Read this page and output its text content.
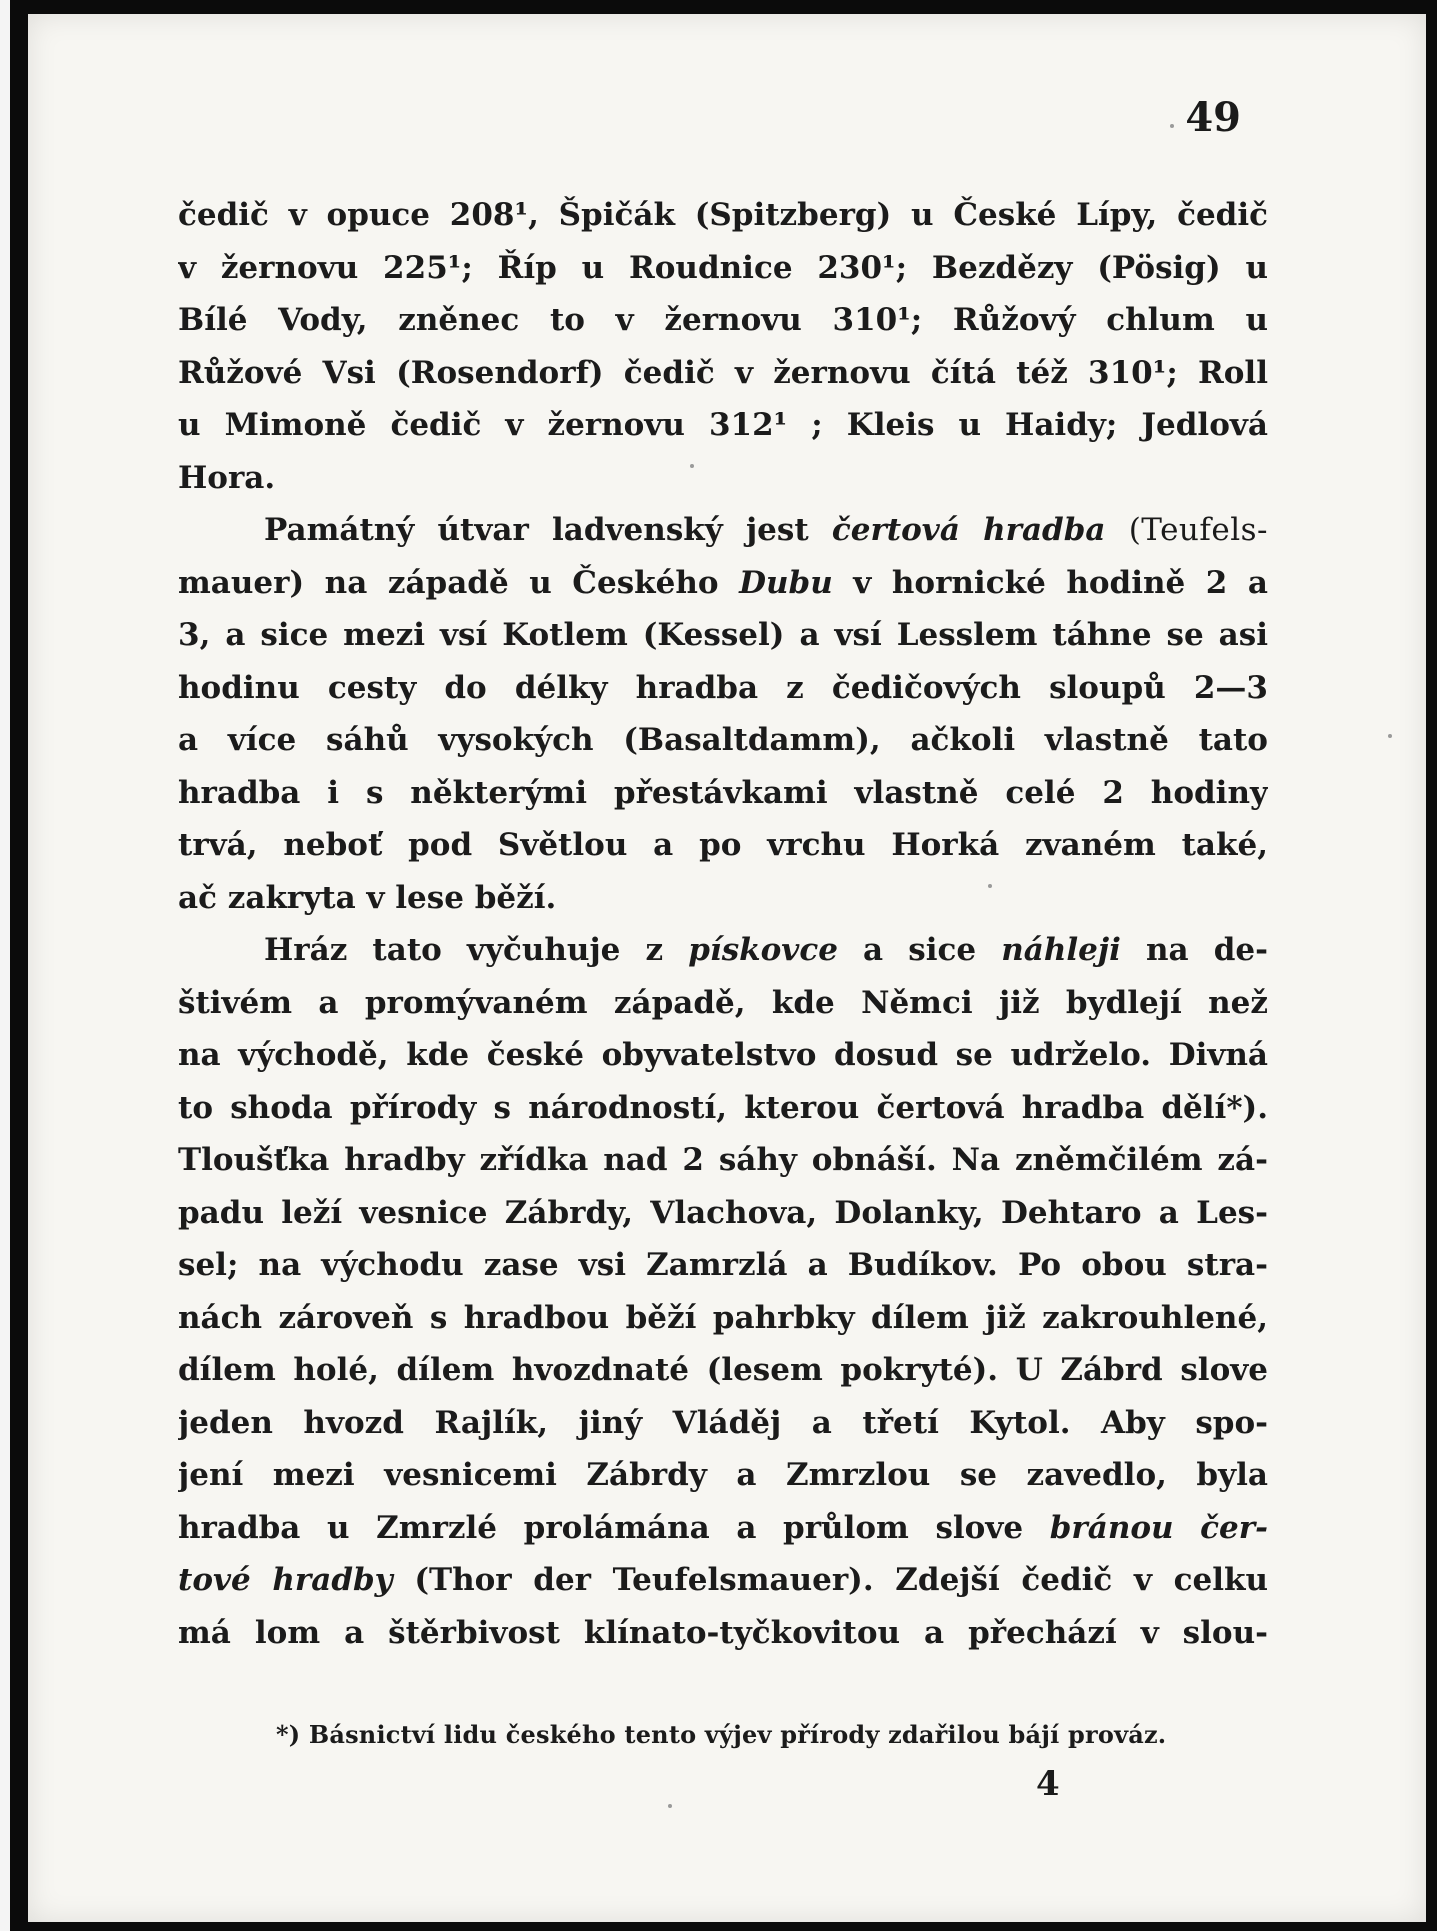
49
čedič v opuce 208¹, Špičák (Spitzberg) u České Lípy, čedič
v žernovu 225¹; Říp u Roudnice 230¹; Bezdězy (Pösig) u
Bílé Vody, zněnec to v žernovu 310¹; Růžový chlum u
Růžové Vsi (Rosendorf) čedič v žernovu čítá též 310¹; Roll
u Mimoně čedič v žernovu 312¹ ; Kleis u Haidy; Jedlová
Hora.
Památný útvar ladvenský jest čertová hradba (Teufels-
mauer) na západě u Českého Dubu v hornické hodině 2 a
3, a sice mezi vsí Kotlem (Kessel) a vsí Lesslem táhne se asi
hodinu cesty do délky hradba z čedičových sloupů 2—3
a více sáhů vysokých (Basaltdamm), ačkoli vlastně tato
hradba i s některými přestávkami vlastně celé 2 hodiny
trvá, neboť pod Světlou a po vrchu Horká zvaném také,
ač zakryta v lese běží.
Hráz tato vyčuhuje z pískovce a sice náhleji na de-
štivém a promývaném západě, kde Němci již bydlejí než
na východě, kde české obyvatelstvo dosud se udrželo. Divná
to shoda přírody s národností, kterou čertová hradba dělí*).
Tloušťka hradby zřídka nad 2 sáhy obnáší. Na zněmčilém zá-
padu leží vesnice Zábrdy, Vlachova, Dolanky, Dehtaro a Les-
sel; na východu zase vsi Zamrzlá a Budíkov. Po obou stra-
nách zároveň s hradbou běží pahrbky dílem již zakrouhlené,
dílem holé, dílem hvozdnaté (lesem pokryté). U Zábrd slove
jeden hvozd Rajlík, jiný Vláděj a třetí Kytol. Aby spo-
jení mezi vesnicemi Zábrdy a Zmrzlou se zavedlo, byla
hradba u Zmrzlé prolámána a průlom slove bránou čer-
tové hradby (Thor der Teufelsmauer). Zdejší čedič v celku
má lom a štěrbivost klínato-tyčkovitou a přechází v slou-
*) Básnictví lidu českého tento výjev přírody zdařilou bájí prováz.
4
